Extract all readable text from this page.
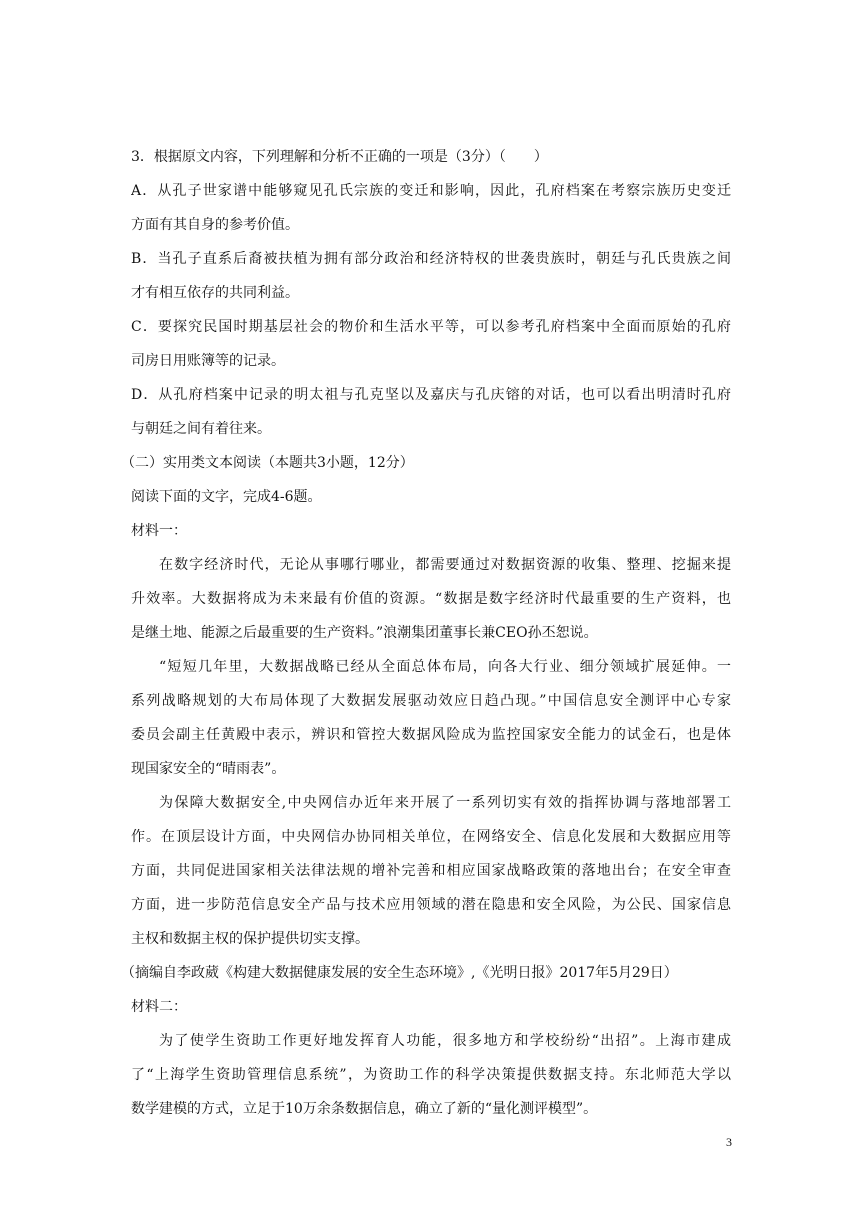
3．根据原文内容，下列理解和分析不正确的一项是（3分）（　　）
A．从孔子世家谱中能够窥见孔氏宗族的变迁和影响，因此，孔府档案在考察宗族历史变迁
方面有其自身的参考价值。
B．当孔子直系后裔被扶植为拥有部分政治和经济特权的世袭贵族时，朝廷与孔氏贵族之间
才有相互依存的共同利益。
C．要探究民国时期基层社会的物价和生活水平等，可以参考孔府档案中全面而原始的孔府
司房日用账簿等的记录。
D．从孔府档案中记录的明太祖与孔克坚以及嘉庆与孔庆镕的对话，也可以看出明清时孔府
与朝廷之间有着往来。
（二）实用类文本阅读（本题共3小题，12分）
阅读下面的文字，完成4-6题。
材料一：
在数字经济时代，无论从事哪行哪业，都需要通过对数据资源的收集、整理、挖掘来提
升效率。大数据将成为未来最有价值的资源。“数据是数字经济时代最重要的生产资料，也
是继土地、能源之后最重要的生产资料。”浪潮集团董事长兼CEO孙丕恕说。
“短短几年里，大数据战略已经从全面总体布局，向各大行业、细分领域扩展延伸。一
系列战略规划的大布局体现了大数据发展驱动效应日趋凸现。”中国信息安全测评中心专家
委员会副主任黄殿中表示，辨识和管控大数据风险成为监控国家安全能力的试金石，也是体
现国家安全的“晴雨表”。
为保障大数据安全,中央网信办近年来开展了一系列切实有效的指挥协调与落地部署工
作。在顶层设计方面，中央网信办协同相关单位，在网络安全、信息化发展和大数据应用等
方面，共同促进国家相关法律法规的增补完善和相应国家战略政策的落地出台；在安全审查
方面，进一步防范信息安全产品与技术应用领域的潜在隐患和安全风险，为公民、国家信息
主权和数据主权的保护提供切实支撑。
（摘编自李政葳《构建大数据健康发展的安全生态环境》,《光明日报》2017年5月29日）
材料二：
为了使学生资助工作更好地发挥育人功能，很多地方和学校纷纷“出招”。上海市建成
了“上海学生资助管理信息系统”，为资助工作的科学决策提供数据支持。东北师范大学以
数学建模的方式，立足于10万余条数据信息，确立了新的“量化测评模型”。
3
